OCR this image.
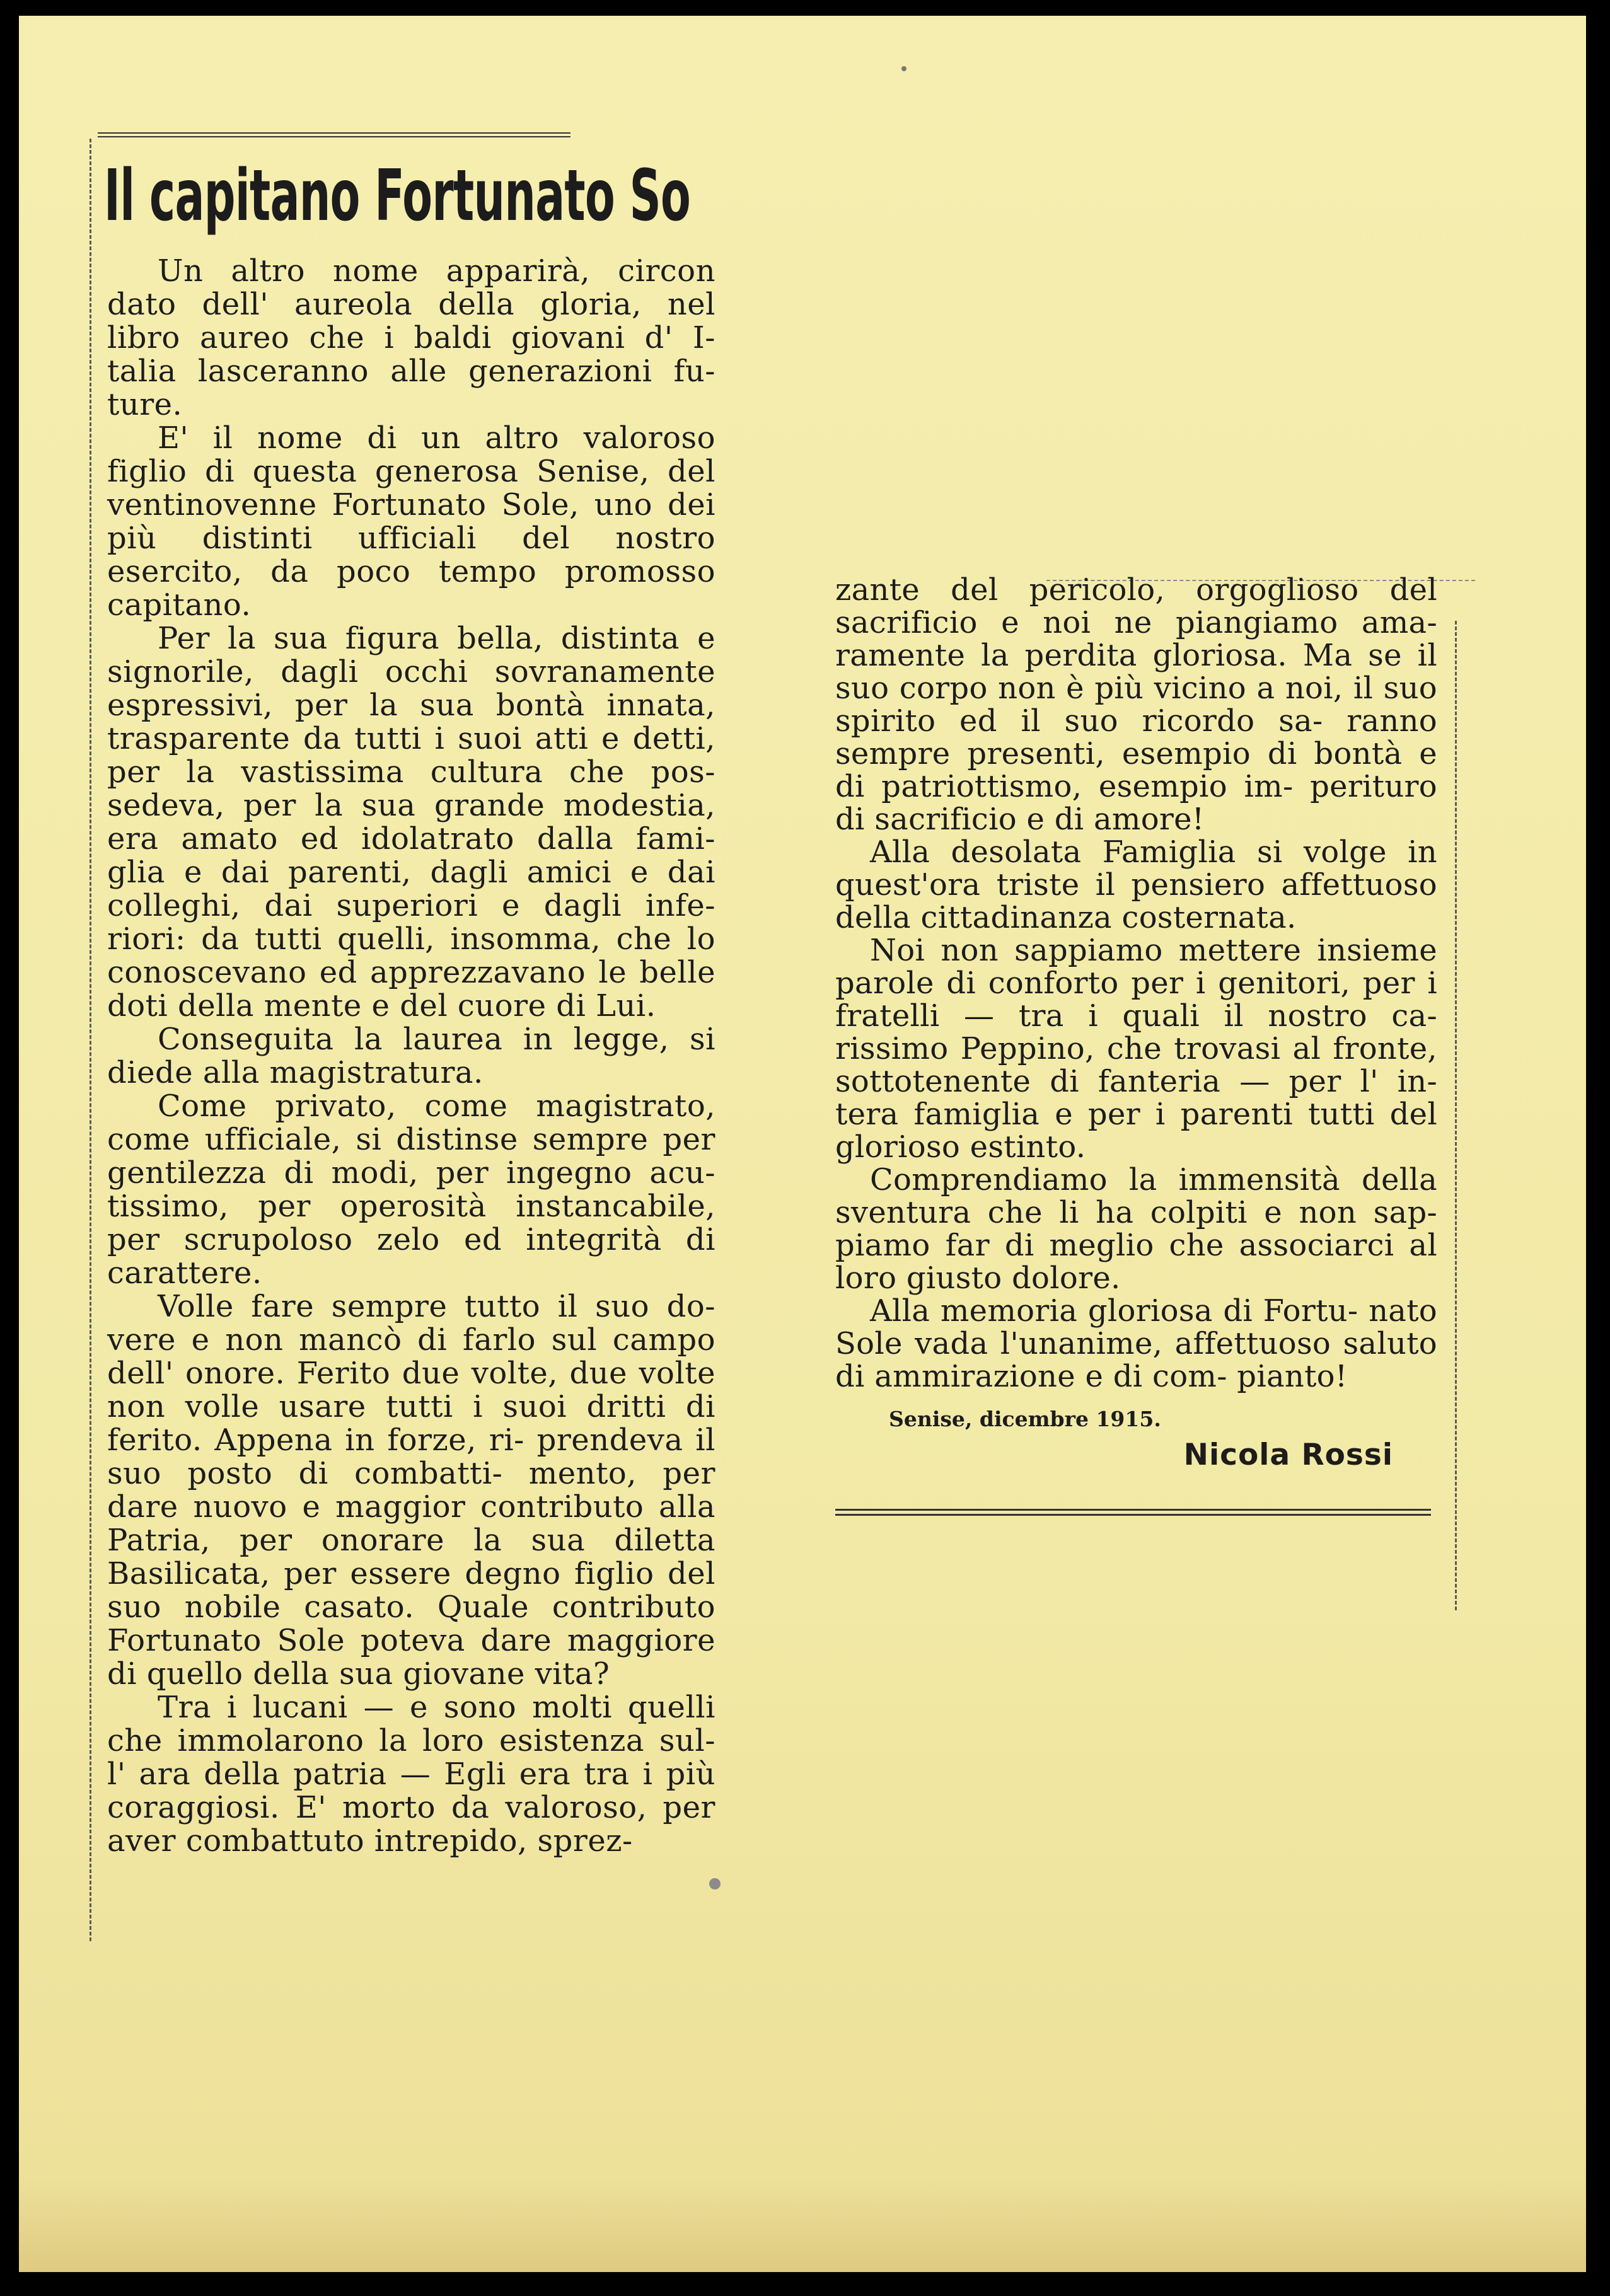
Il capitano Fortunato So

Un altro nome apparirà, circon dato dell' aureola della gloria, nel libro aureo che i baldi giovani d' I- talia lasceranno alle generazioni fu- ture.

E' il nome di un altro valoroso figlio di questa generosa Senise, del ventinovenne Fortunato Sole, uno dei più distinti ufficiali del nostro esercito, da poco tempo promosso capitano.

Per la sua figura bella, distinta e signorile, dagli occhi sovranamente espressivi, per la sua bontà innata, trasparente da tutti i suoi atti e detti, per la vastissima cultura che pos- sedeva, per la sua grande modestia, era amato ed idolatrato dalla fami- glia e dai parenti, dagli amici e dai colleghi, dai superiori e dagli infe- riori: da tutti quelli, insomma, che lo conoscevano ed apprezzavano le belle doti della mente e del cuore di Lui.

Conseguita la laurea in legge, si diede alla magistratura.

Come privato, come magistrato, come ufficiale, si distinse sempre per gentilezza di modi, per ingegno acu- tissimo, per operosità instancabile, per scrupoloso zelo ed integrità di carattere.

Volle fare sempre tutto il suo do- vere e non mancò di farlo sul campo dell' onore. Ferito due volte, due volte non volle usare tutti i suoi dritti di ferito. Appena in forze, ri- prendeva il suo posto di combatti- mento, per dare nuovo e maggior contributo alla Patria, per onorare la sua diletta Basilicata, per essere degno figlio del suo nobile casato. Quale contributo Fortunato Sole poteva dare maggiore di quello della sua giovane vita?

Tra i lucani — e sono molti quelli che immolarono la loro esistenza sul- l' ara della patria — Egli era tra i più coraggiosi. E' morto da valoroso, per aver combattuto intrepido, sprez-

zante del pericolo, orgoglioso del sacrificio e noi ne piangiamo ama- ramente la perdita gloriosa. Ma se il suo corpo non è più vicino a noi, il suo spirito ed il suo ricordo sa- ranno sempre presenti, esempio di bontà e di patriottismo, esempio im- perituro di sacrificio e di amore!

Alla desolata Famiglia si volge in quest'ora triste il pensiero affettuoso della cittadinanza costernata.

Noi non sappiamo mettere insieme parole di conforto per i genitori, per i fratelli — tra i quali il nostro ca- rissimo Peppino, che trovasi al fronte, sottotenente di fanteria — per l' in- tera famiglia e per i parenti tutti del glorioso estinto.

Comprendiamo la immensità della sventura che li ha colpiti e non sap- piamo far di meglio che associarci al loro giusto dolore.

Alla memoria gloriosa di Fortu- nato Sole vada l'unanime, affettuoso saluto di ammirazione e di com- pianto!

Senise, dicembre 1915.
Nicola Rossi
